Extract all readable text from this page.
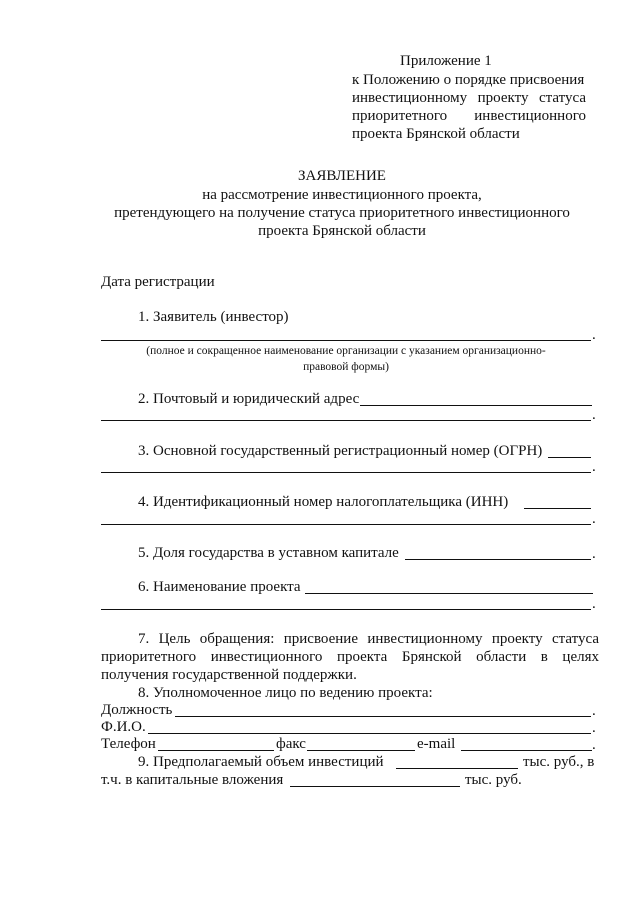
Приложение 1
к Положению о порядке присвоения
инвестиционному проекту статуса
приоритетного инвестиционного
проекта Брянской области
ЗАЯВЛЕНИЕ
на рассмотрение инвестиционного проекта,
претендующего на получение статуса приоритетного инвестиционного
проекта Брянской области
Дата регистрации
1. Заявитель (инвестор)
.
(полное и сокращенное наименование организации с указанием организационно-
правовой формы)
2. Почтовый и юридический адрес
.
3. Основной государственный регистрационный номер (ОГРН)
.
4. Идентификационный номер налогоплательщика (ИНН)
.
5. Доля государства в уставном капитале	.
6. Наименование проекта
.
7. Цель обращения: присвоение инвестиционному проекту статуса
приоритетного инвестиционного проекта Брянской области в целях
получения государственной поддержки.
8. Уполномоченное лицо по ведению проекта:
Должность	.
Ф.И.О.	.
Телефон	факс	e-mail	.
9. Предполагаемый объем инвестиций	тыс. руб., в
т.ч. в капитальные вложения	тыс. руб.
